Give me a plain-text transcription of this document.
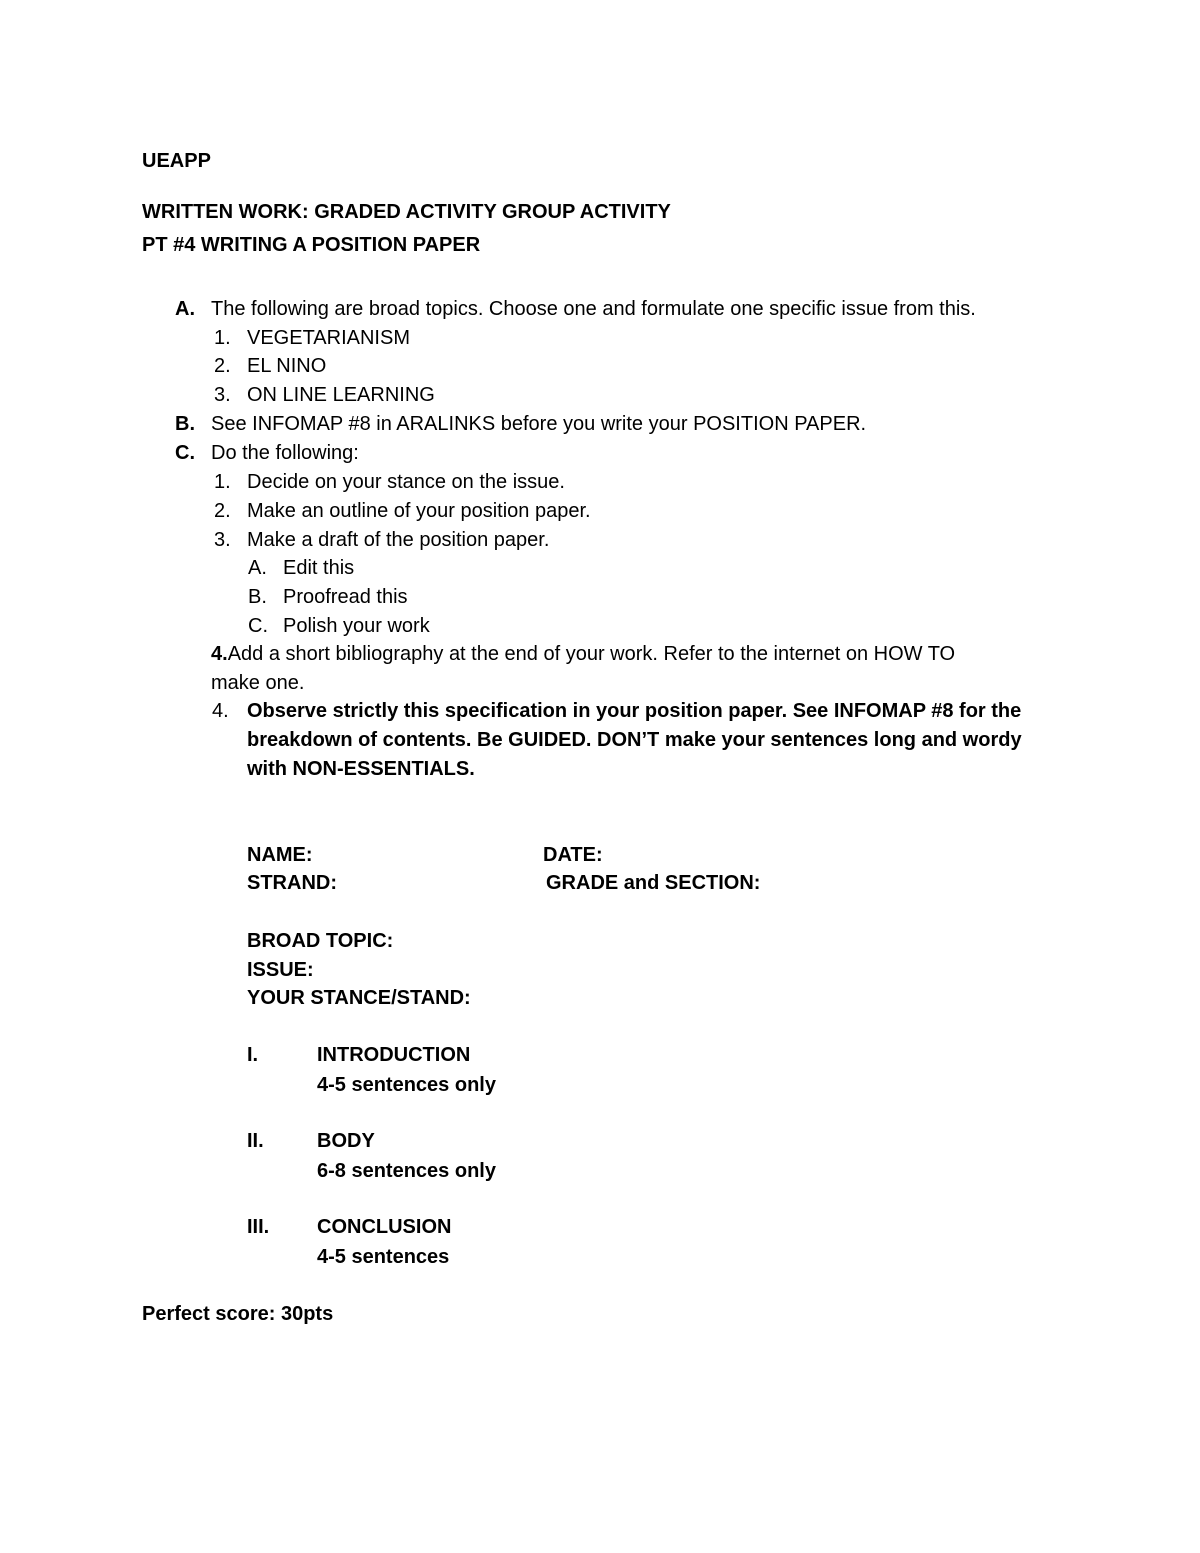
UEAPP
WRITTEN WORK: GRADED ACTIVITY GROUP ACTIVITY
PT #4 WRITING A POSITION PAPER
A. The following are broad topics. Choose one and formulate one specific issue from this.
1. VEGETARIANISM
2. EL NINO
3. ON LINE LEARNING
B. See INFOMAP #8 in ARALINKS before you write your POSITION PAPER.
C. Do the following:
1. Decide on your stance on the issue.
2. Make an outline of your position paper.
3. Make a draft of the position paper.
A. Edit this
B. Proofread this
C. Polish your work
4.Add a short bibliography at the end of your work. Refer to the internet on HOW TO
make one.
4. Observe strictly this specification in your position paper. See INFOMAP #8 for the
breakdown of contents. Be GUIDED. DON’T make your sentences long and wordy
with NON-ESSENTIALS.
NAME:	DATE:
STRAND:	GRADE and SECTION:
BROAD TOPIC:
ISSUE:
YOUR STANCE/STAND:
I.	INTRODUCTION
4-5 sentences only
II.	BODY
6-8 sentences only
III. CONCLUSION
4-5 sentences
Perfect score: 30pts
